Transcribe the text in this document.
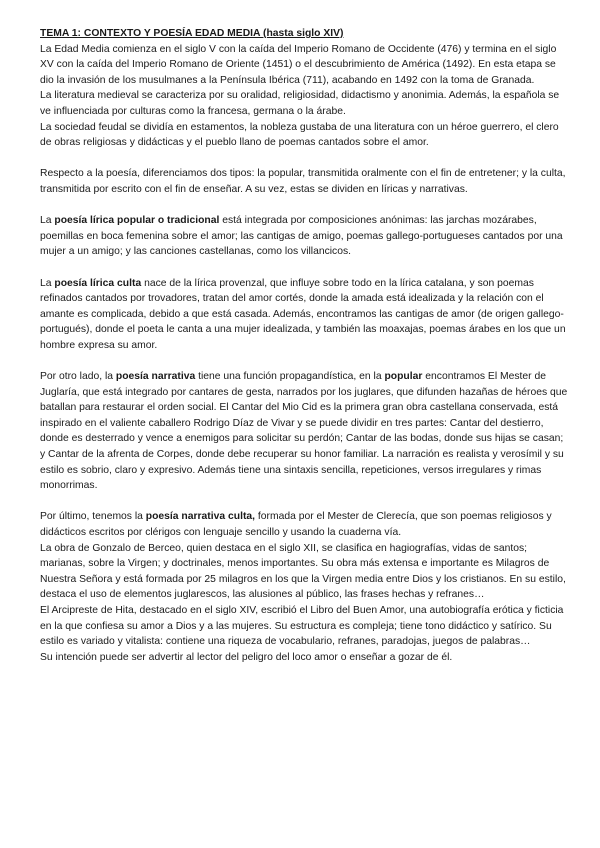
TEMA 1: CONTEXTO Y POESÍA EDAD MEDIA (hasta siglo XIV)

La Edad Media comienza en el siglo V con la caída del Imperio Romano de Occidente (476) y termina en el siglo XV con la caída del Imperio Romano de Oriente (1451) o el descubrimiento de América (1492). En esta etapa se dio la invasión de los musulmanes a la Península Ibérica (711), acabando en 1492 con la toma de Granada.

La literatura medieval se caracteriza por su oralidad, religiosidad, didactismo y anonimia. Además, la española se ve influenciada por culturas como la francesa, germana o la árabe.

La sociedad feudal se dividía en estamentos, la nobleza gustaba de una literatura con un héroe guerrero, el clero de obras religiosas y didácticas y el pueblo llano de poemas cantados sobre el amor.

Respecto a la poesía, diferenciamos dos tipos: la popular, transmitida oralmente con el fin de entretener; y la culta, transmitida por escrito con el fin de enseñar. A su vez, estas se dividen en líricas y narrativas.

La poesía lírica popular o tradicional está integrada por composiciones anónimas: las jarchas mozárabes, poemillas en boca femenina sobre el amor; las cantigas de amigo, poemas gallego-portugueses cantados por una mujer a un amigo; y las canciones castellanas, como los villancicos.

La poesía lírica culta nace de la lírica provenzal, que influye sobre todo en la lírica catalana, y son poemas refinados cantados por trovadores, tratan del amor cortés, donde la amada está idealizada y la relación con el amante es complicada, debido a que está casada. Además, encontramos las cantigas de amor (de origen gallego-portugués), donde el poeta le canta a una mujer idealizada, y también las moaxajas, poemas árabes en los que un hombre expresa su amor.

Por otro lado, la poesía narrativa tiene una función propagandística, en la popular encontramos El Mester de Juglaría, que está integrado por cantares de gesta, narrados por los juglares, que difunden hazañas de héroes que batallan para restaurar el orden social. El Cantar del Mio Cid es la primera gran obra castellana conservada, está inspirado en el valiente caballero Rodrigo Díaz de Vivar y se puede dividir en tres partes: Cantar del destierro, donde es desterrado y vence a enemigos para solicitar su perdón; Cantar de las bodas, donde sus hijas se casan; y Cantar de la afrenta de Corpes, donde debe recuperar su honor familiar. La narración es realista y verosímil y su estilo es sobrio, claro y expresivo. Además tiene una sintaxis sencilla, repeticiones, versos irregulares y rimas monorrimas.

Por último, tenemos la poesía narrativa culta, formada por el Mester de Clerecía, que son poemas religiosos y didácticos escritos por clérigos con lenguaje sencillo y usando la cuaderna vía.

La obra de Gonzalo de Berceo, quien destaca en el siglo XII, se clasifica en hagiografías, vidas de santos; marianas, sobre la Virgen; y doctrinales, menos importantes. Su obra más extensa e importante es Milagros de Nuestra Señora y está formada por 25 milagros en los que la Virgen media entre Dios y los cristianos. En su estilo, destaca el uso de elementos juglarescos, las alusiones al público, las frases hechas y refranes…

El Arcipreste de Hita, destacado en el siglo XIV, escribió el Libro del Buen Amor, una autobiografía erótica y ficticia en la que confiesa su amor a Dios y a las mujeres. Su estructura es compleja; tiene tono didáctico y satírico. Su estilo es variado y vitalista: contiene una riqueza de vocabulario, refranes, paradojas, juegos de palabras…

Su intención puede ser advertir al lector del peligro del loco amor o enseñar a gozar de él.
